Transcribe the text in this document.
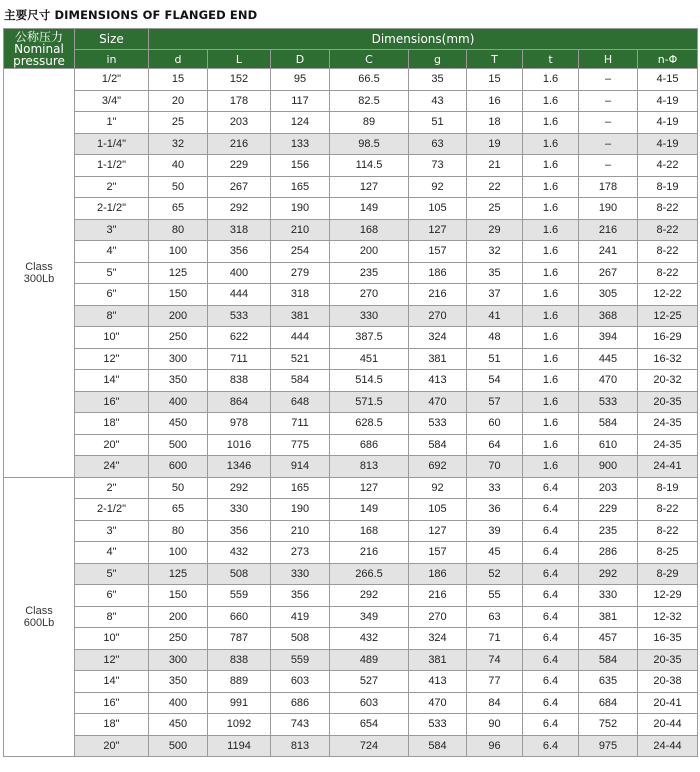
主要尺寸 DIMENSIONS OF FLANGED END
公称压力
Nominal
pressure	Size	Dimensions(mm)								
	in	d	L	D	C	g	T	t	H	n-Φ
Class
300Lb	1/2"	15	152	95	66.5	35	15	1.6	–	4-15
	3/4"	20	178	117	82.5	43	16	1.6	–	4-19
	1"	25	203	124	89	51	18	1.6	–	4-19
	1-1/4"	32	216	133	98.5	63	19	1.6	–	4-19
	1-1/2"	40	229	156	114.5	73	21	1.6	–	4-22
	2"	50	267	165	127	92	22	1.6	178	8-19
	2-1/2"	65	292	190	149	105	25	1.6	190	8-22
	3"	80	318	210	168	127	29	1.6	216	8-22
	4"	100	356	254	200	157	32	1.6	241	8-22
	5"	125	400	279	235	186	35	1.6	267	8-22
	6"	150	444	318	270	216	37	1.6	305	12-22
	8"	200	533	381	330	270	41	1.6	368	12-25
	10"	250	622	444	387.5	324	48	1.6	394	16-29
	12"	300	711	521	451	381	51	1.6	445	16-32
	14"	350	838	584	514.5	413	54	1.6	470	20-32
	16"	400	864	648	571.5	470	57	1.6	533	20-35
	18"	450	978	711	628.5	533	60	1.6	584	24-35
	20"	500	1016	775	686	584	64	1.6	610	24-35
	24"	600	1346	914	813	692	70	1.6	900	24-41
Class
600Lb	2"	50	292	165	127	92	33	6.4	203	8-19
	2-1/2"	65	330	190	149	105	36	6.4	229	8-22
	3"	80	356	210	168	127	39	6.4	235	8-22
	4"	100	432	273	216	157	45	6.4	286	8-25
	5"	125	508	330	266.5	186	52	6.4	292	8-29
	6"	150	559	356	292	216	55	6.4	330	12-29
	8"	200	660	419	349	270	63	6.4	381	12-32
	10"	250	787	508	432	324	71	6.4	457	16-35
	12"	300	838	559	489	381	74	6.4	584	20-35
	14"	350	889	603	527	413	77	6.4	635	20-38
	16"	400	991	686	603	470	84	6.4	684	20-41
	18"	450	1092	743	654	533	90	6.4	752	20-44
	20"	500	1194	813	724	584	96	6.4	975	24-44
